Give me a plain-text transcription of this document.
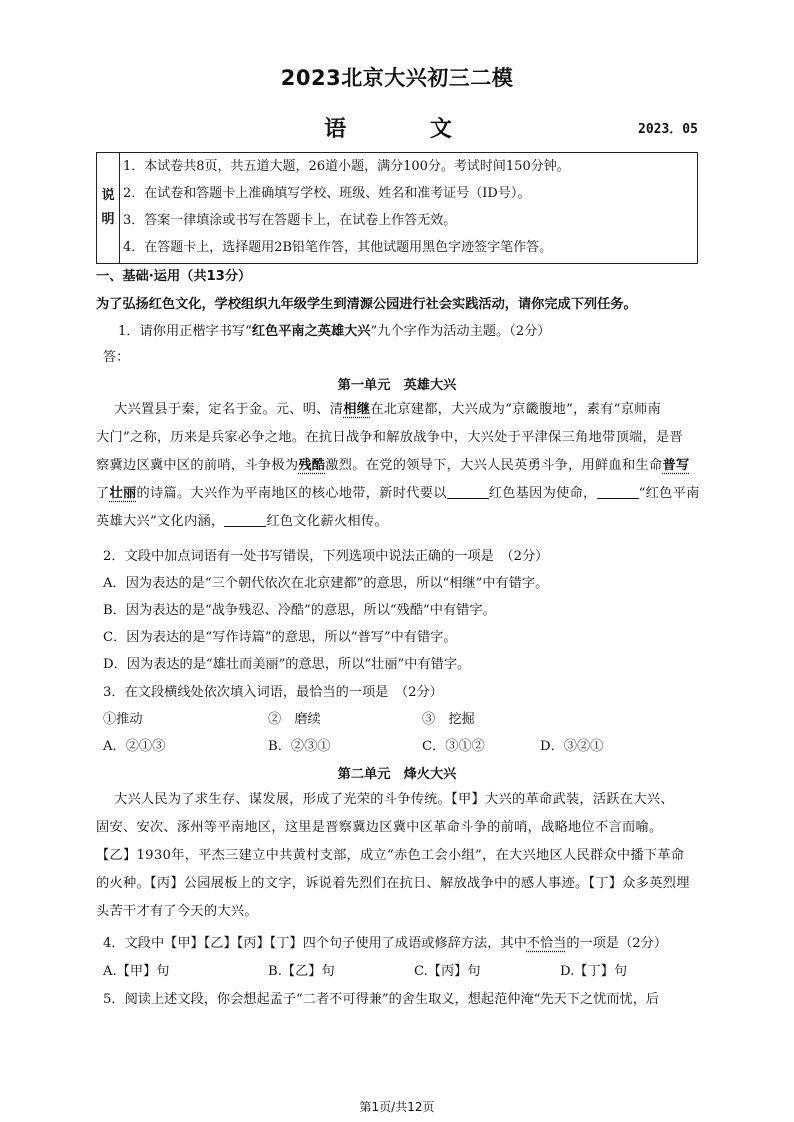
2023北京大兴初三二模
语 文	2023．05
说
明
1．本试卷共8页，共五道大题，26道小题，满分100分。考试时间150分钟。
2．在试卷和答题卡上准确填写学校、班级、姓名和准考证号（ID号）。
3．答案一律填涂或书写在答题卡上，在试卷上作答无效。
4．在答题卡上，选择题用2B铅笔作答，其他试题用黑色字迹签字笔作答。
一、基础·运用（共13分）
为了弘扬红色文化，学校组织九年级学生到清源公园进行社会实践活动，请你完成下列任务。
1．请你用正楷字书写“红色平南之英雄大兴”九个字作为活动主题。（2分）
答：
第一单元　英雄大兴
大兴置县于秦，定名于金。元、明、清相继在北京建都，大兴成为“京畿腹地”，素有“京师南
大门”之称，历来是兵家必争之地。在抗日战争和解放战争中，大兴处于平津保三角地带顶端，是晋
察冀边区冀中区的前哨，斗争极为残酷激烈。在党的领导下，大兴人民英勇斗争，用鲜血和生命普写
了壮丽的诗篇。大兴作为平南地区的核心地带，新时代要以	红色基因为使命，	“红色平南
英雄大兴”文化内涵，	红色文化薪火相传。
2．文段中加点词语有一处书写错误，下列选项中说法正确的一项是　（2分）
A．因为表达的是“三个朝代依次在北京建都”的意思，所以“相继”中有错字。
B．因为表达的是“战争残忍、冷酷”的意思，所以“残酷”中有错字。
C．因为表达的是“写作诗篇”的意思，所以“普写”中有错字。
D．因为表达的是“雄壮而美丽”的意思，所以“壮丽”中有错字。
3．在文段横线处依次填入词语，最恰当的一项是　（2分）
①推动	②　磨续	③　挖掘
A．②①③	B．②③①	C．③①②	D．③②①
第二单元　烽火大兴
大兴人民为了求生存、谋发展，形成了光荣的斗争传统。【甲】大兴的革命武装，活跃在大兴、
固安、安次、涿州等平南地区，这里是晋察冀边区冀中区革命斗争的前哨，战略地位不言而喻。
【乙】1930年，平杰三建立中共黄村支部，成立“赤色工会小组”，在大兴地区人民群众中播下革命
的火种。【丙】公园展板上的文字，诉说着先烈们在抗日、解放战争中的感人事迹。【丁】众多英烈埋
头苦干才有了今天的大兴。
4．文段中【甲】【乙】【丙】【丁】四个句子使用了成语或修辞方法，其中不恰当的一项是（2分）
A.【甲】句	B.【乙】句	C.【丙】句	D.【丁】句
5．阅读上述文段，你会想起孟子“二者不可得兼”的舍生取义，想起范仲淹“先天下之忧而忧，后
第1页/共12页
